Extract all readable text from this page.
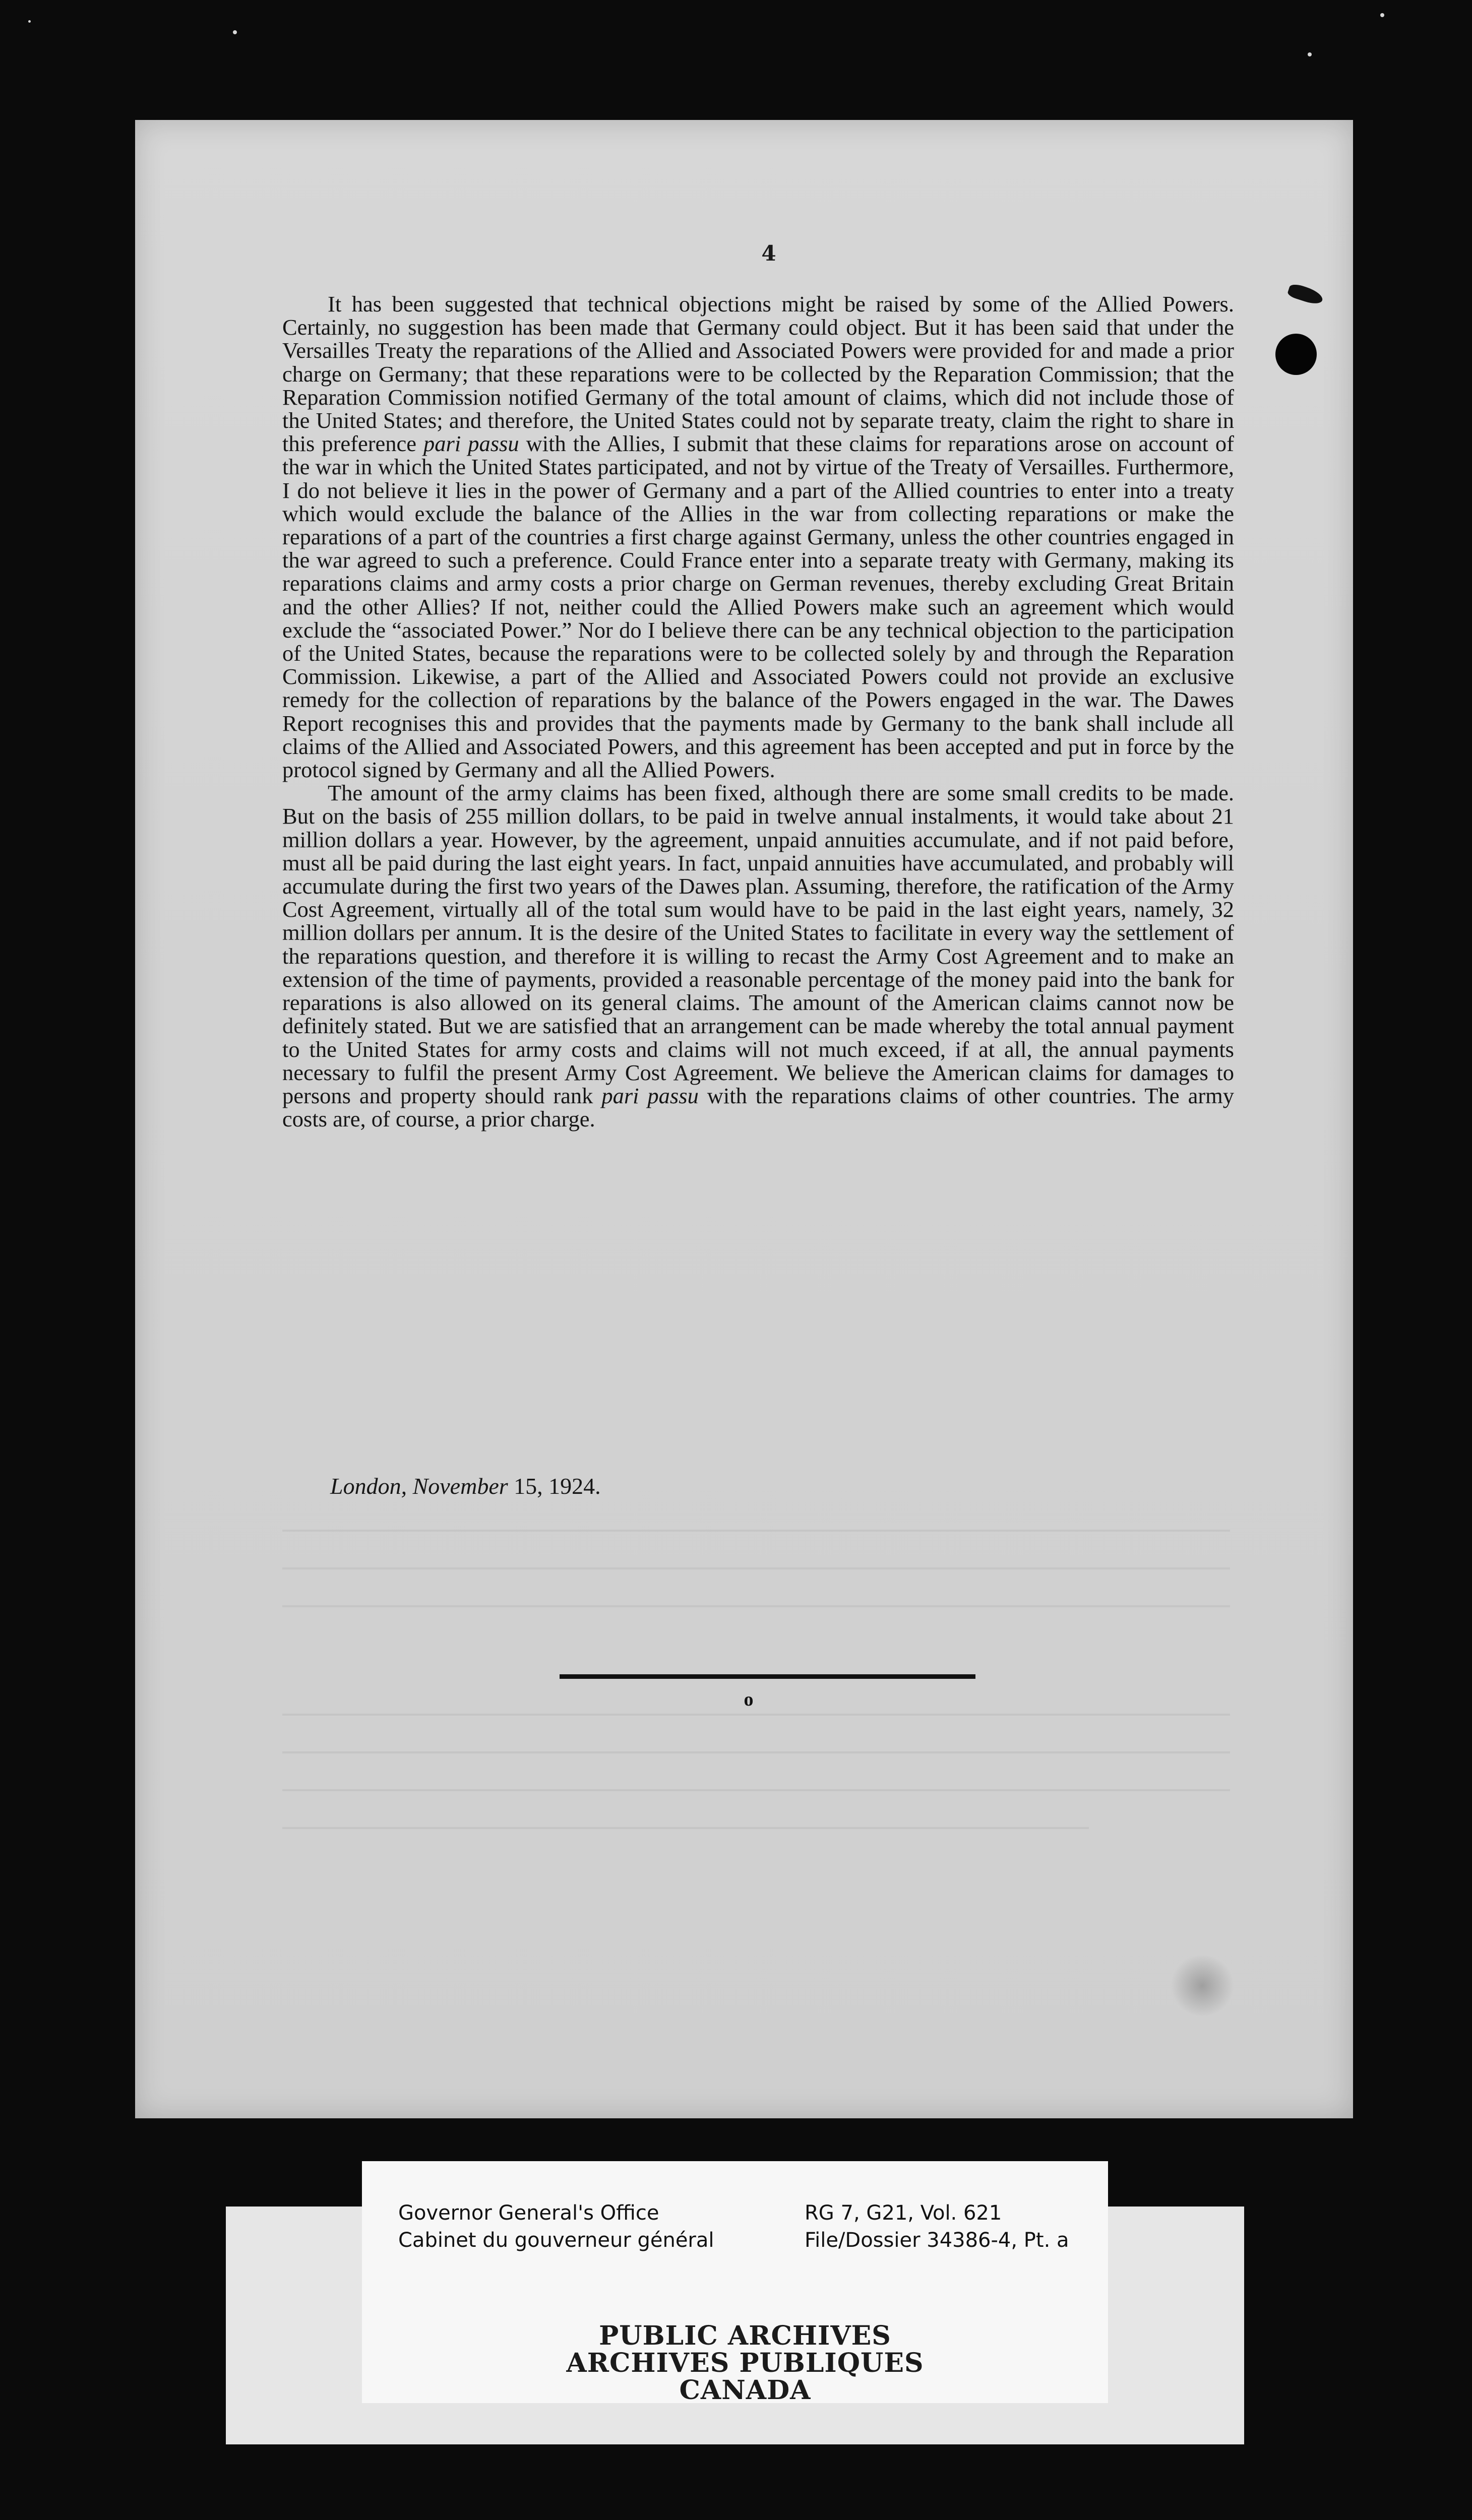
4

It has been suggested that technical objections might be raised by some of the Allied Powers. Certainly, no suggestion has been made that Germany could object. But it has been said that under the Versailles Treaty the reparations of the Allied and Associated Powers were provided for and made a prior charge on Germany; that these reparations were to be collected by the Reparation Commission; that the Reparation Commission notified Germany of the total amount of claims, which did not include those of the United States; and therefore, the United States could not by separate treaty, claim the right to share in this preference pari passu with the Allies, I submit that these claims for reparations arose on account of the war in which the United States participated, and not by virtue of the Treaty of Versailles. Furthermore, I do not believe it lies in the power of Germany and a part of the Allied countries to enter into a treaty which would exclude the balance of the Allies in the war from collecting reparations or make the reparations of a part of the countries a first charge against Germany, unless the other countries engaged in the war agreed to such a preference. Could France enter into a separate treaty with Germany, making its reparations claims and army costs a prior charge on German revenues, thereby excluding Great Britain and the other Allies? If not, neither could the Allied Powers make such an agreement which would exclude the “associated Power.” Nor do I believe there can be any technical objection to the participation of the United States, because the reparations were to be collected solely by and through the Reparation Commission. Likewise, a part of the Allied and Associated Powers could not provide an exclusive remedy for the collection of reparations by the balance of the Powers engaged in the war. The Dawes Report recognises this and provides that the payments made by Germany to the bank shall include all claims of the Allied and Associated Powers, and this agreement has been accepted and put in force by the protocol signed by Germany and all the Allied Powers.

The amount of the army claims has been fixed, although there are some small credits to be made. But on the basis of 255 million dollars, to be paid in twelve annual instalments, it would take about 21 million dollars a year. However, by the agreement, unpaid annuities accumulate, and if not paid before, must all be paid during the last eight years. In fact, unpaid annuities have accumulated, and probably will accumulate during the first two years of the Dawes plan. Assuming, therefore, the ratification of the Army Cost Agreement, virtually all of the total sum would have to be paid in the last eight years, namely, 32 million dollars per annum. It is the desire of the United States to facilitate in every way the settlement of the reparations question, and therefore it is willing to recast the Army Cost Agreement and to make an extension of the time of payments, provided a reasonable percentage of the money paid into the bank for reparations is also allowed on its general claims. The amount of the American claims cannot now be definitely stated. But we are satisfied that an arrangement can be made whereby the total annual payment to the United States for army costs and claims will not much exceed, if at all, the annual payments necessary to fulfil the present Army Cost Agreement. We believe the American claims for damages to persons and property should rank pari passu with the reparations claims of other countries. The army costs are, of course, a prior charge.

London, November 15, 1924.
o
Governor General's Office
Cabinet du gouverneur général
RG 7, G21, Vol. 621
File/Dossier 34386-4, Pt. a
PUBLIC ARCHIVES
ARCHIVES PUBLIQUES
CANADA
